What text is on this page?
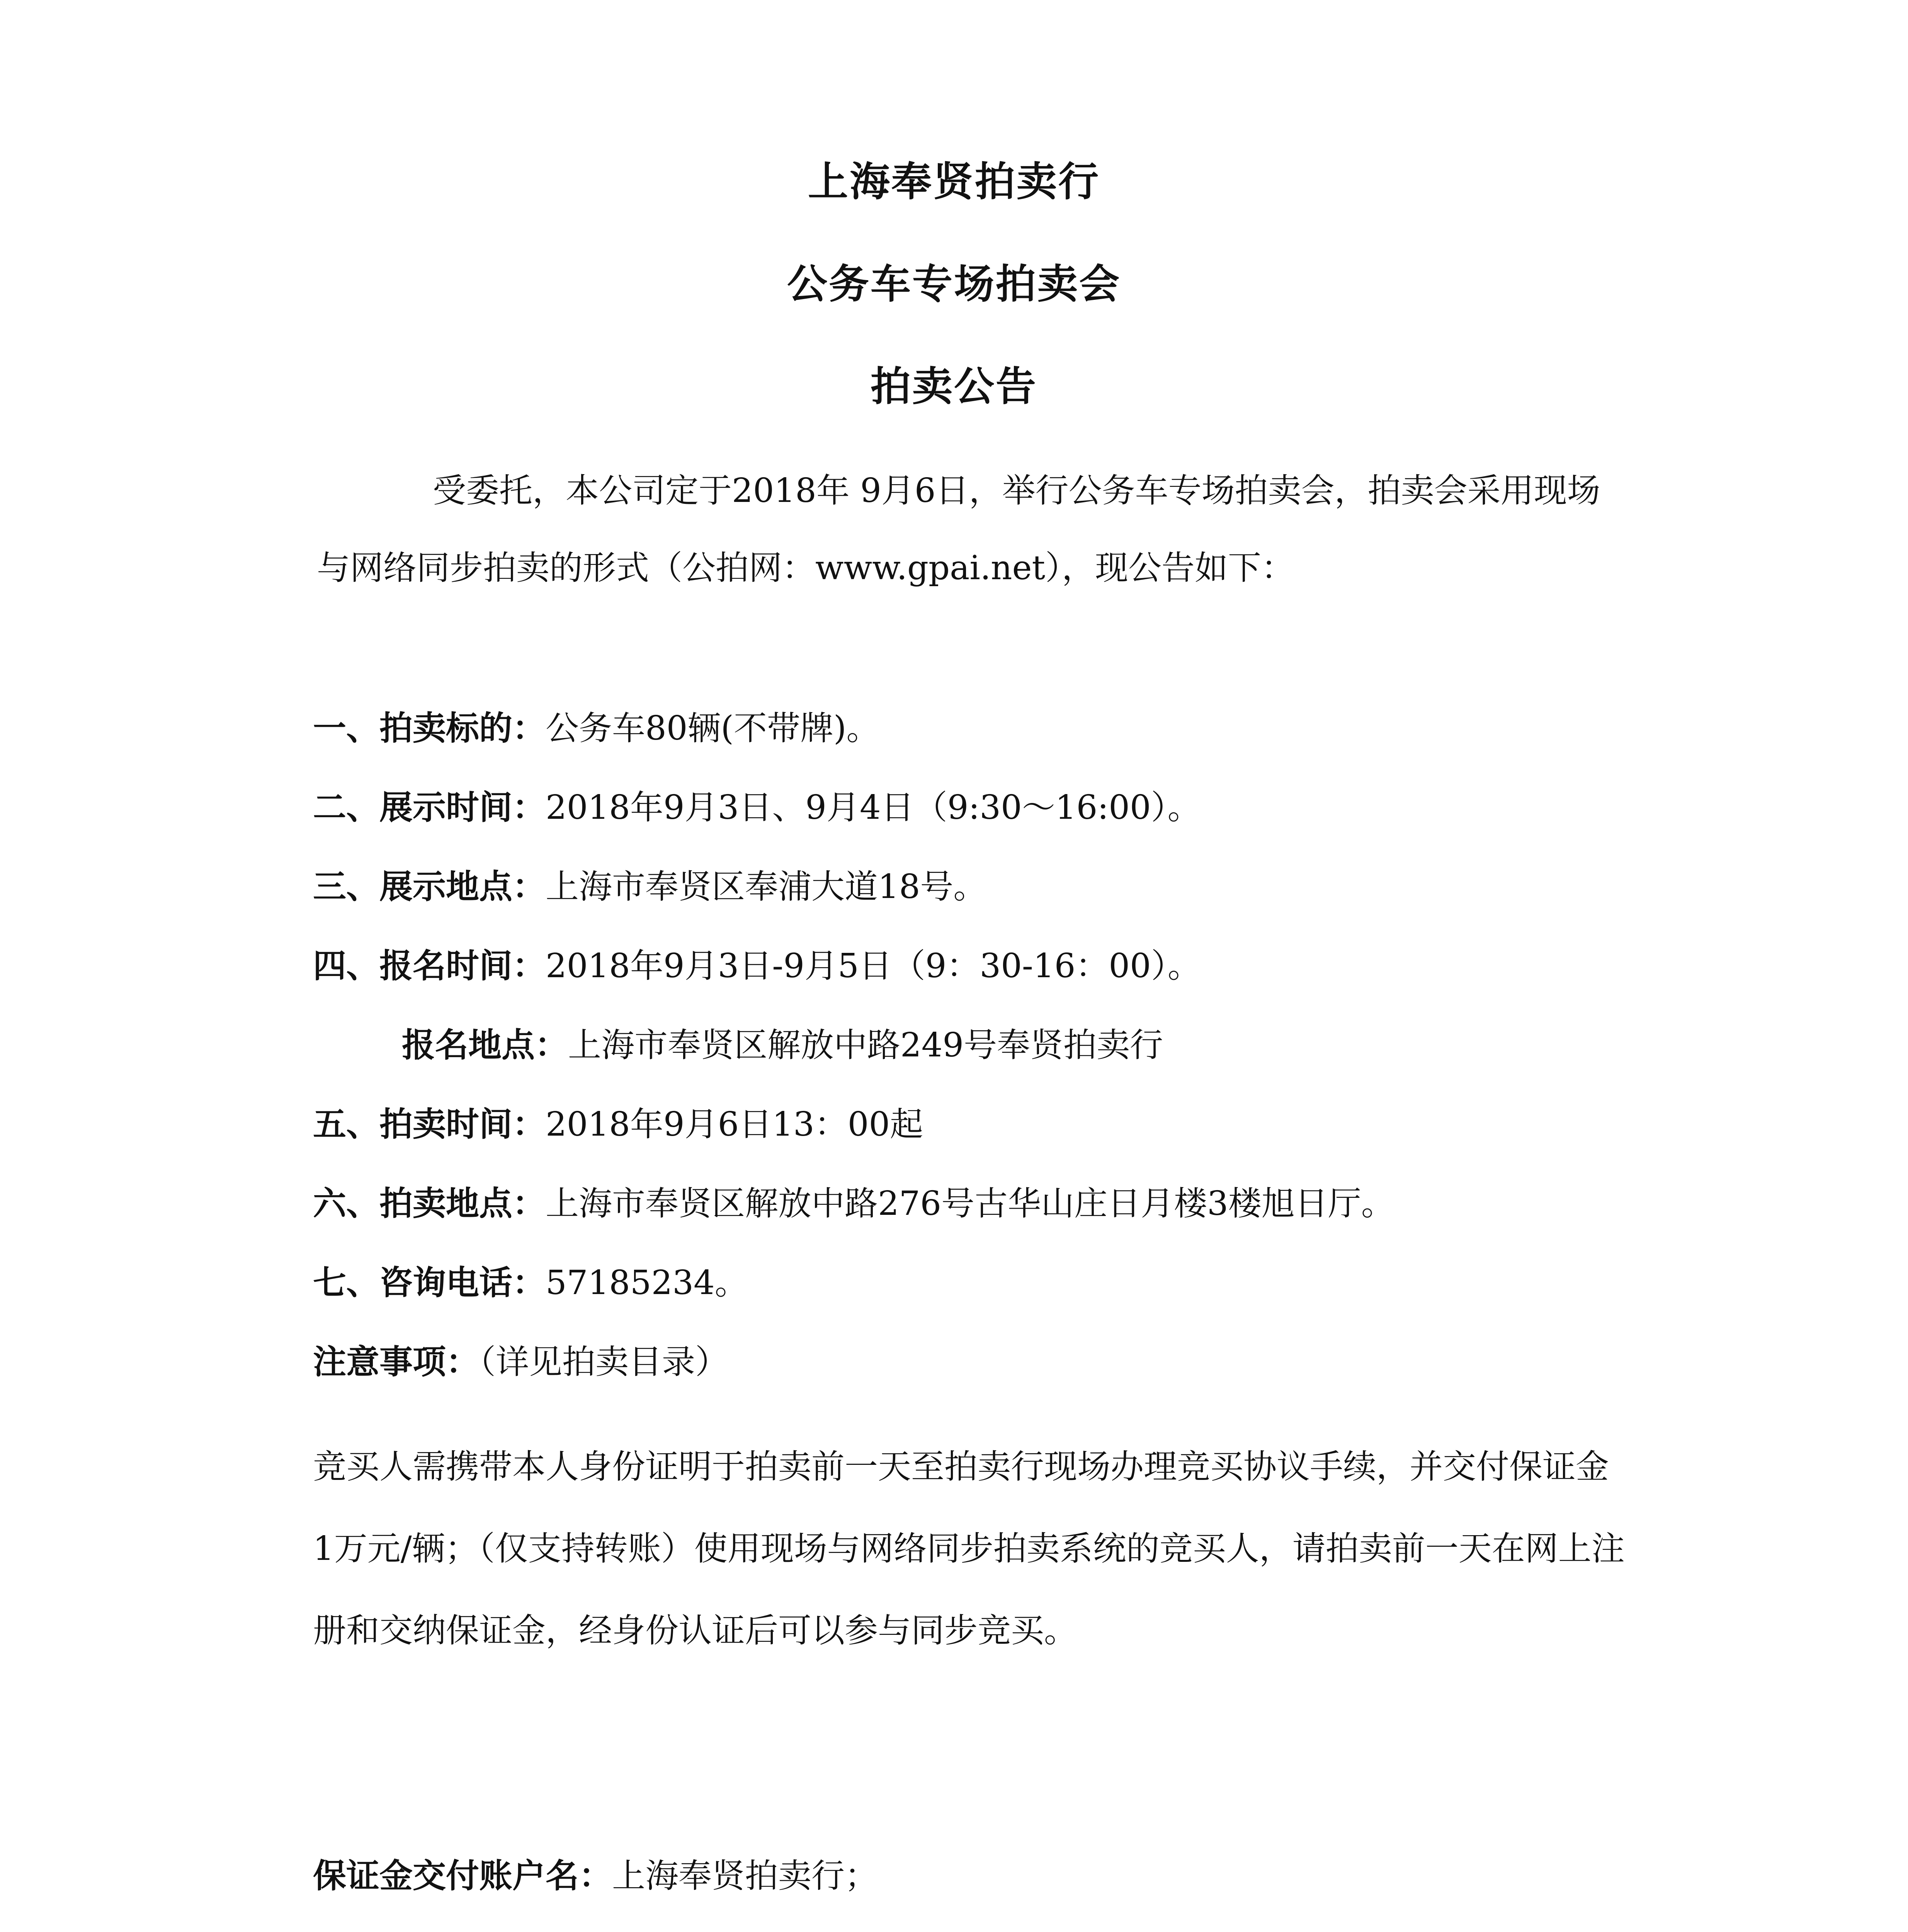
上海奉贤拍卖行
公务车专场拍卖会
拍卖公告

受委托，本公司定于2018年 9月6日，举行公务车专场拍卖会，拍卖会采用现场与网络同步拍卖的形式（公拍网：www.gpai.net），现公告如下：

一、拍卖标的：公务车80辆(不带牌)。
二、展示时间：2018年9月3日、9月4日（9:30～16:00）。
三、展示地点：上海市奉贤区奉浦大道18号。
四、报名时间：2018年9月3日-9月5日（9：30-16：00）。
报名地点：上海市奉贤区解放中路249号奉贤拍卖行
五、拍卖时间：2018年9月6日13：00起
六、拍卖地点：上海市奉贤区解放中路276号古华山庄日月楼3楼旭日厅。
七、咨询电话：57185234。
注意事项：（详见拍卖目录）

竞买人需携带本人身份证明于拍卖前一天至拍卖行现场办理竞买协议手续，并交付保证金1万元/辆；（仅支持转账）使用现场与网络同步拍卖系统的竞买人，请拍卖前一天在网上注册和交纳保证金，经身份认证后可以参与同步竞买。

保证金交付账户名：上海奉贤拍卖行；
